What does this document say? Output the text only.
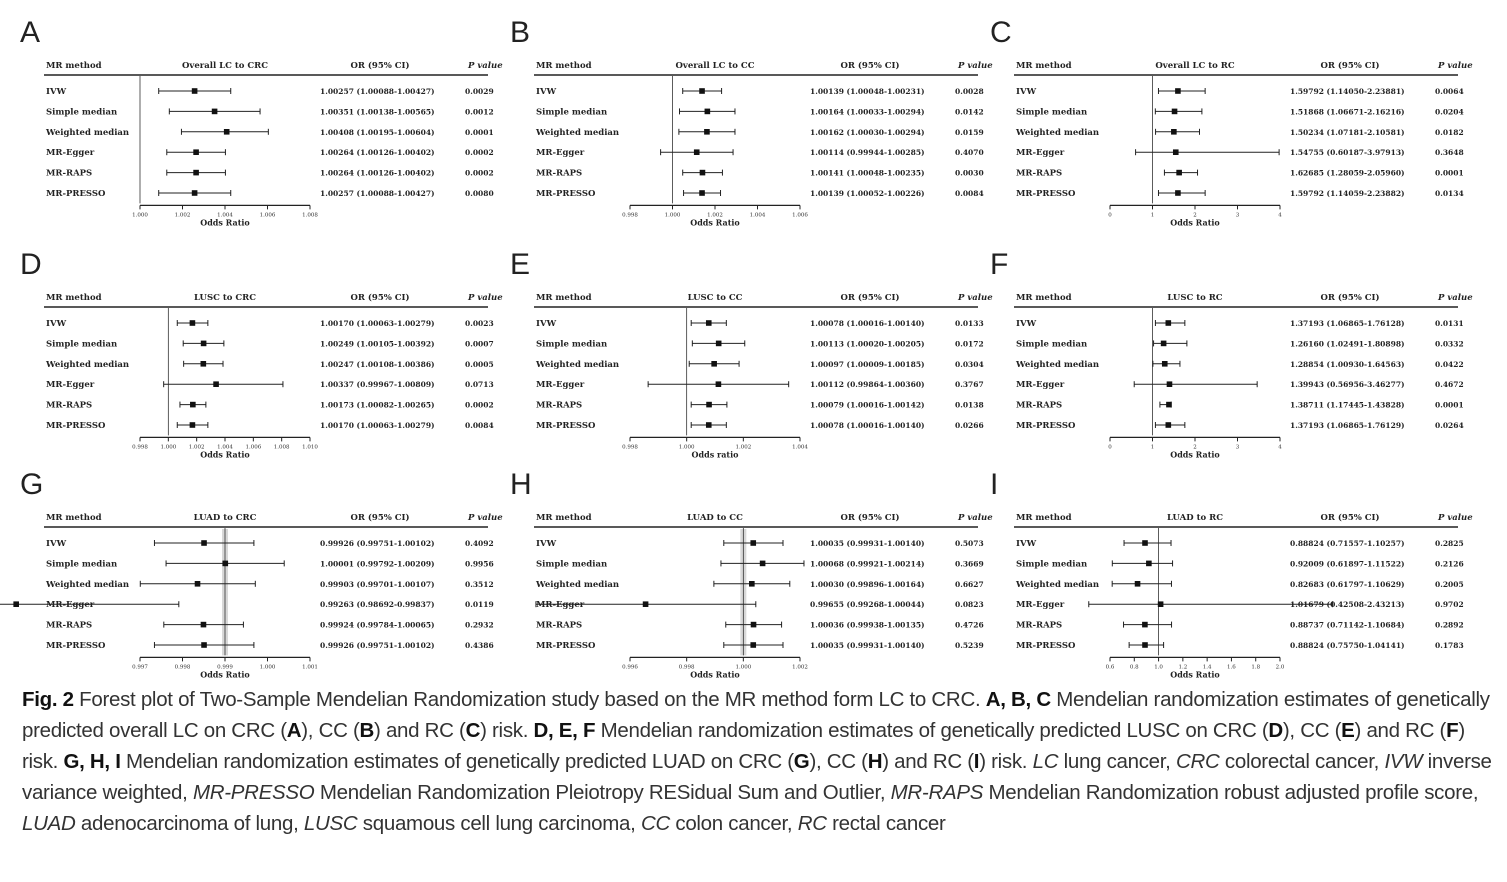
A
MR method	Overall LC to CRC	OR (95% CI)	P value
IVW	1.00257 (1.00088-1.00427)	0.0029
Simple median	1.00351 (1.00138-1.00565)	0.0012
Weighted median	1.00408 (1.00195-1.00604)	0.0001
MR-Egger	1.00264 (1.00126-1.00402)	0.0002
MR-RAPS	1.00264 (1.00126-1.00402)	0.0002
MR-PRESSO	1.00257 (1.00088-1.00427)	0.0080
1.000	1.002	1.004	1.006	1.008
Odds Ratio
B
MR method	Overall LC to CC	OR (95% CI)	P value
IVW	1.00139 (1.00048-1.00231)	0.0028
Simple median	1.00164 (1.00033-1.00294)	0.0142
Weighted median	1.00162 (1.00030-1.00294)	0.0159
MR-Egger	1.00114 (0.99944-1.00285)	0.4070
MR-RAPS	1.00141 (1.00048-1.00235)	0.0030
MR-PRESSO	1.00139 (1.00052-1.00226)	0.0084
0.998	1.000	1.002	1.004	1.006
Odds Ratio
C
MR method	Overall LC to RC	OR (95% CI)	P value
IVW	1.59792 (1.14050-2.23881)	0.0064
Simple median	1.51868 (1.06671-2.16216)	0.0204
Weighted median	1.50234 (1.07181-2.10581)	0.0182
MR-Egger	1.54755 (0.60187-3.97913)	0.3648
MR-RAPS	1.62685 (1.28059-2.05960)	0.0001
MR-PRESSO	1.59792 (1.14059-2.23882)	0.0134
0	1	2	3	4
Odds Ratio
D
MR method	LUSC to CRC	OR (95% CI)	P value
IVW	1.00170 (1.00063-1.00279)	0.0023
Simple median	1.00249 (1.00105-1.00392)	0.0007
Weighted median	1.00247 (1.00108-1.00386)	0.0005
MR-Egger	1.00337 (0.99967-1.00809)	0.0713
MR-RAPS	1.00173 (1.00082-1.00265)	0.0002
MR-PRESSO	1.00170 (1.00063-1.00279)	0.0084
0.998 1.000 1.002 1.004 1.006 1.008 1.010
Odds Ratio
E
MR method	LUSC to CC	OR (95% CI)	P value
IVW	1.00078 (1.00016-1.00140)	0.0133
Simple median	1.00113 (1.00020-1.00205)	0.0172
Weighted median	1.00097 (1.00009-1.00185)	0.0304
MR-Egger	1.00112 (0.99864-1.00360)	0.3767
MR-RAPS	1.00079 (1.00016-1.00142)	0.0138
MR-PRESSO	1.00078 (1.00016-1.00140)	0.0266
0.998	1.000	1.002	1.004
Odds ratio
F
MR method	LUSC to RC	OR (95% CI)	P value
IVW	1.37193 (1.06865-1.76128)	0.0131
Simple median	1.26160 (1.02491-1.80898)	0.0332
Weighted median	1.28854 (1.00930-1.64563)	0.0422
MR-Egger	1.39943 (0.56956-3.46277)	0.4672
MR-RAPS	1.38711 (1.17445-1.43828)	0.0001
MR-PRESSO	1.37193 (1.06865-1.76129)	0.0264
0	1	2	3	4
Odds Ratio
G
MR method	LUAD to CRC	OR (95% CI)	P value
IVW	0.99926 (0.99751-1.00102)	0.4092
Simple median	1.00001 (0.99792-1.00209)	0.9956
Weighted median	0.99903 (0.99701-1.00107)	0.3512
MR-Egger	0.99263 (0.98692-0.99837)	0.0119
MR-RAPS	0.99924 (0.99784-1.00065)	0.2932
MR-PRESSO	0.99926 (0.99751-1.00102)	0.4386
0.997	0.998	0.999	1.000	1.001
Odds Ratio
H
MR method	LUAD to CC	OR (95% CI)	P value
IVW	1.00035 (0.99931-1.00140)	0.5073
Simple median	1.00068 (0.99921-1.00214)	0.3669
Weighted median	1.00030 (0.99896-1.00164)	0.6627
MR-Egger	0.99655 (0.99268-1.00044)	0.0823
MR-RAPS	1.00036 (0.99938-1.00135)	0.4726
MR-PRESSO	1.00035 (0.99931-1.00140)	0.5239
0.996	0.998	1.000	1.002
Odds Ratio
I
MR method	LUAD to RC	OR (95% CI)	P value
IVW	0.88824 (0.71557-1.10257)	0.2825
Simple median	0.92009 (0.61897-1.11522)	0.2126
Weighted median	0.82683 (0.61797-1.10629)	0.2005
MR-Egger	1.01679 (0.42508-2.43213)	0.9702
MR-RAPS	0.88737 (0.71142-1.10684)	0.2892
MR-PRESSO	0.88824 (0.75750-1.04141)	0.1783
0.6	0.8	1.0	1.2	1.4	1.6	1.8	2.0
Odds Ratio
Fig. 2 Forest plot of Two-Sample Mendelian Randomization study based on the MR method form LC to CRC. A, B, C Mendelian randomization estimates of genetically predicted overall LC on CRC (A), CC (B) and RC (C) risk. D, E, F Mendelian randomization estimates of genetically predicted LUSC on CRC (D), CC (E) and RC (F) risk. G, H, I Mendelian randomization estimates of genetically predicted LUAD on CRC (G), CC (H) and RC (I) risk. LC lung cancer, CRC colorectal cancer, IVW inverse variance weighted, MR-PRESSO Mendelian Randomization Pleiotropy RESidual Sum and Outlier, MR-RAPS Mendelian Randomization robust adjusted profile score, LUAD adenocarcinoma of lung, LUSC squamous cell lung carcinoma, CC colon cancer, RC rectal cancer
